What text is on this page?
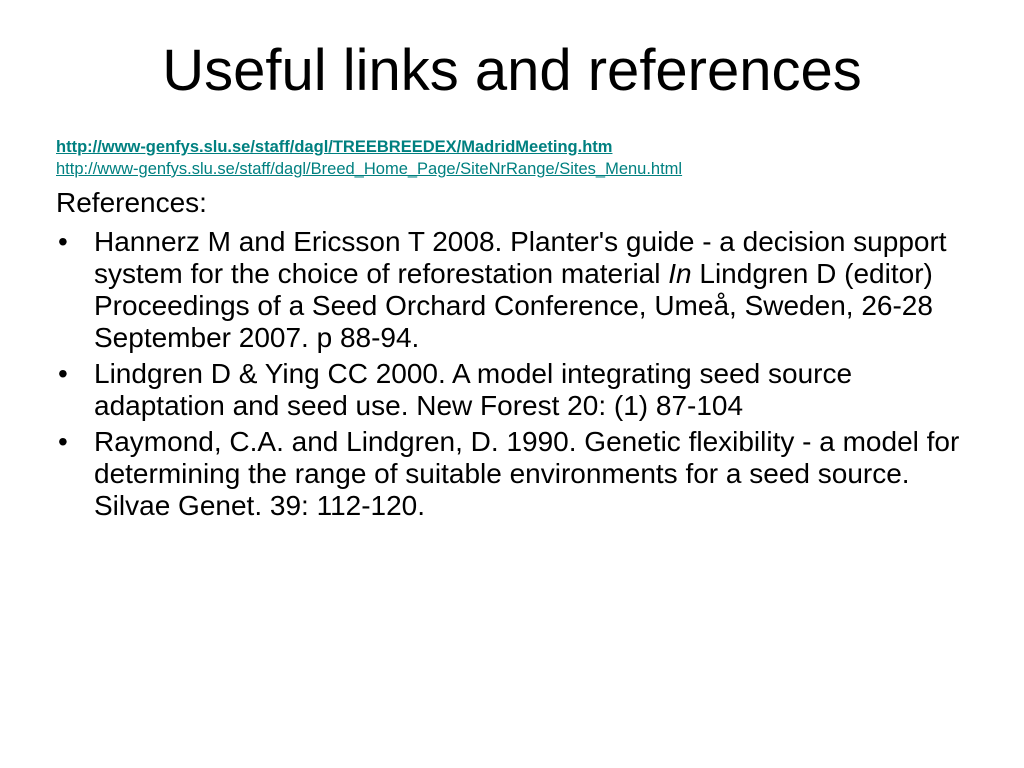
Useful links and references
http://www-genfys.slu.se/staff/dagl/TREEBREEDEX/MadridMeeting.htm
http://www-genfys.slu.se/staff/dagl/Breed_Home_Page/SiteNrRange/Sites_Menu.html

References:

• Hannerz M and Ericsson T 2008. Planter's guide - a decision support system for the choice of reforestation material In Lindgren D (editor) Proceedings of a Seed Orchard Conference, Umeå, Sweden, 26-28 September 2007. p 88-94.
• Lindgren D & Ying CC 2000. A model integrating seed source adaptation and seed use. New Forest 20: (1) 87-104
• Raymond, C.A. and Lindgren, D. 1990. Genetic flexibility - a model for determining the range of suitable environments for a seed source. Silvae Genet. 39: 112-120.
